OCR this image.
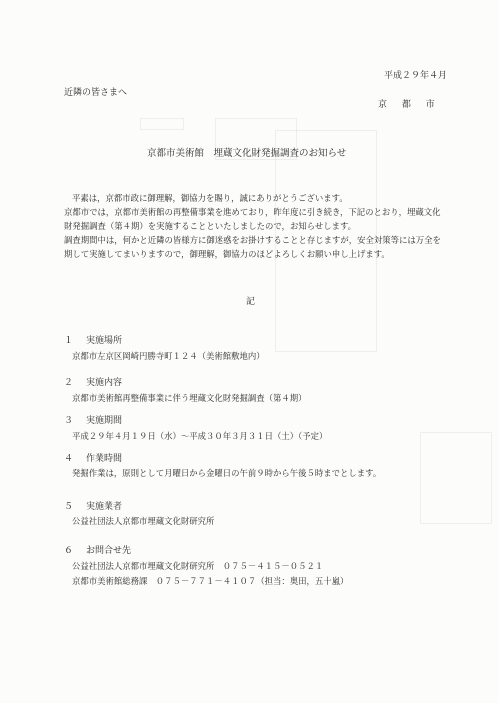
平成２９年４月
近隣の皆さまへ
京 都 市
京都市美術館　埋蔵文化財発掘調査のお知らせ
平素は，京都市政に御理解，御協力を賜り，誠にありがとうございます。
京都市では，京都市美術館の再整備事業を進めており，昨年度に引き続き，下記のとおり，埋蔵文化財発掘調査（第４期）を実施することといたしましたので，お知らせします。
調査期間中は，何かと近隣の皆様方に御迷惑をお掛けすることと存じますが，安全対策等には万全を期して実施してまいりますので，御理解，御協力のほどよろしくお願い申し上げます。
記
１ 実施場所
京都市左京区岡崎円勝寺町１２４（美術館敷地内）
２ 実施内容
京都市美術館再整備事業に伴う埋蔵文化財発掘調査（第４期）
３ 実施期間
平成２９年４月１９日（水）～平成３０年３月３１日（土）（予定）
４ 作業時間
発掘作業は，原則として月曜日から金曜日の午前９時から午後５時までとします。
５ 実施業者
公益社団法人京都市埋蔵文化財研究所
６ お問合せ先
公益社団法人京都市埋蔵文化財研究所　０７５－４１５－０５２１
京都市美術館総務課　０７５－７７１－４１０７（担当：奥田，五十嵐）
